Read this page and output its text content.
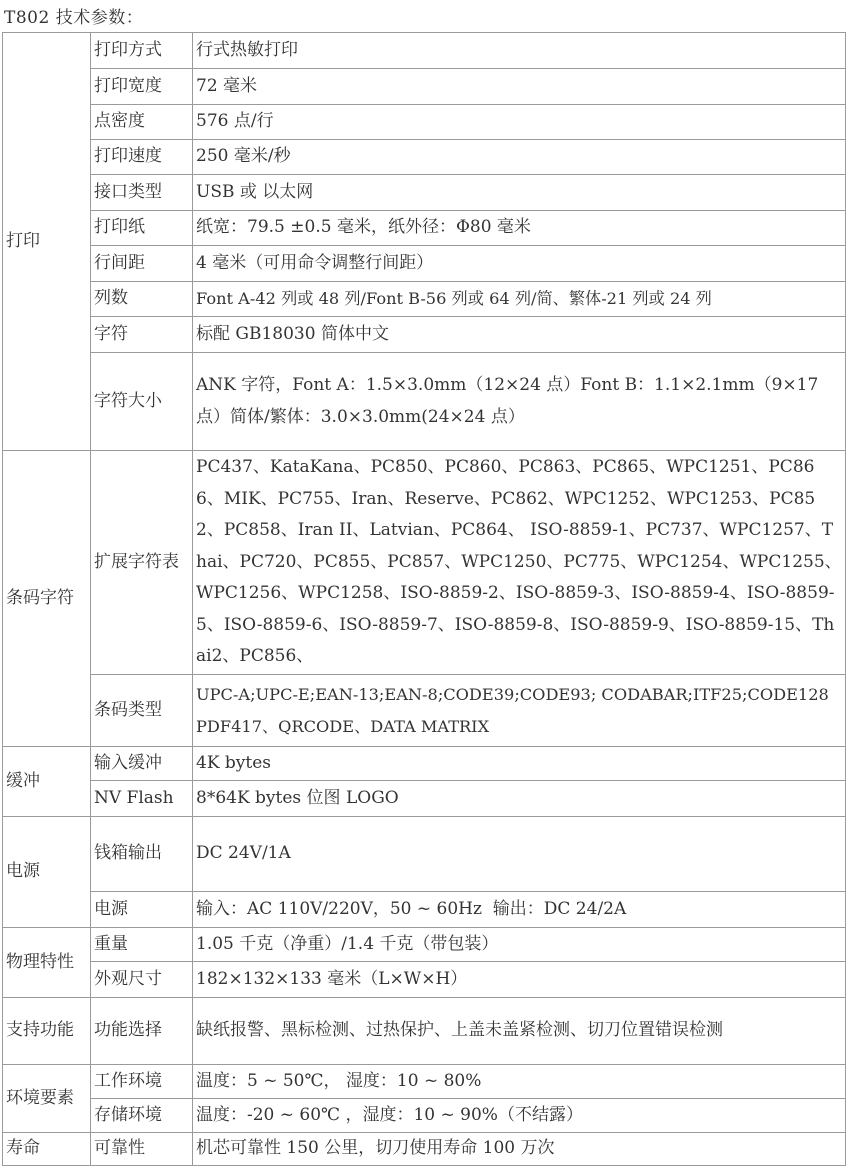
T802 技术参数：
打印	打印方式	行式热敏打印
	打印宽度	72 毫米
	点密度	576 点/行
	打印速度	250 毫米/秒
	接口类型	USB 或 以太网
	打印纸	纸宽：79.5 ±0.5 毫米，纸外径：Φ80 毫米
	行间距	4 毫米（可用命令调整行间距）
	列数	Font A-42 列或 48 列/Font B-56 列或 64 列/简、繁体-21 列或 24 列
	字符	标配 GB18030 简体中文
	字符大小	ANK 字符，Font A：1.5×3.0mm（12×24 点）Font B：1.1×2.1mm（9×17 点）简体/繁体：3.0×3.0mm(24×24 点）
条码字符	扩展字符表	PC437、KataKana、PC850、PC860、PC863、PC865、WPC1251、PC866、MIK、PC755、Iran、Reserve、PC862、WPC1252、WPC1253、PC852、PC858、Iran II、Latvian、PC864、 ISO-8859-1、PC737、WPC1257、Thai、PC720、PC855、PC857、WPC1250、PC775、WPC1254、WPC1255、WPC1256、WPC1258、ISO-8859-2、ISO-8859-3、ISO-8859-4、ISO-8859-5、ISO-8859-6、ISO-8859-7、ISO-8859-8、ISO-8859-9、ISO-8859-15、Thai2、PC856、
	条码类型	UPC-A;UPC-E;EAN-13;EAN-8;CODE39;CODE93; CODABAR;ITF25;CODE128 PDF417、QRCODE、DATA MATRIX
缓冲	输入缓冲	4K bytes
	NV Flash	8*64K bytes 位图 LOGO
电源	钱箱输出	DC 24V/1A
	电源	输入：AC 110V/220V，50 ~ 60Hz  输出：DC 24/2A
物理特性	重量	1.05 千克（净重）/1.4 千克（带包装）
	外观尺寸	182×132×133 毫米（L×W×H）
支持功能	功能选择	缺纸报警、黑标检测、过热保护、上盖未盖紧检测、切刀位置错误检测
环境要素	工作环境	温度：5 ~ 50℃， 湿度：10 ~ 80%
	存储环境	温度：-20 ~ 60℃ ，湿度：10 ~ 90%（不结露）
寿命	可靠性	机芯可靠性 150 公里，切刀使用寿命 100 万次
